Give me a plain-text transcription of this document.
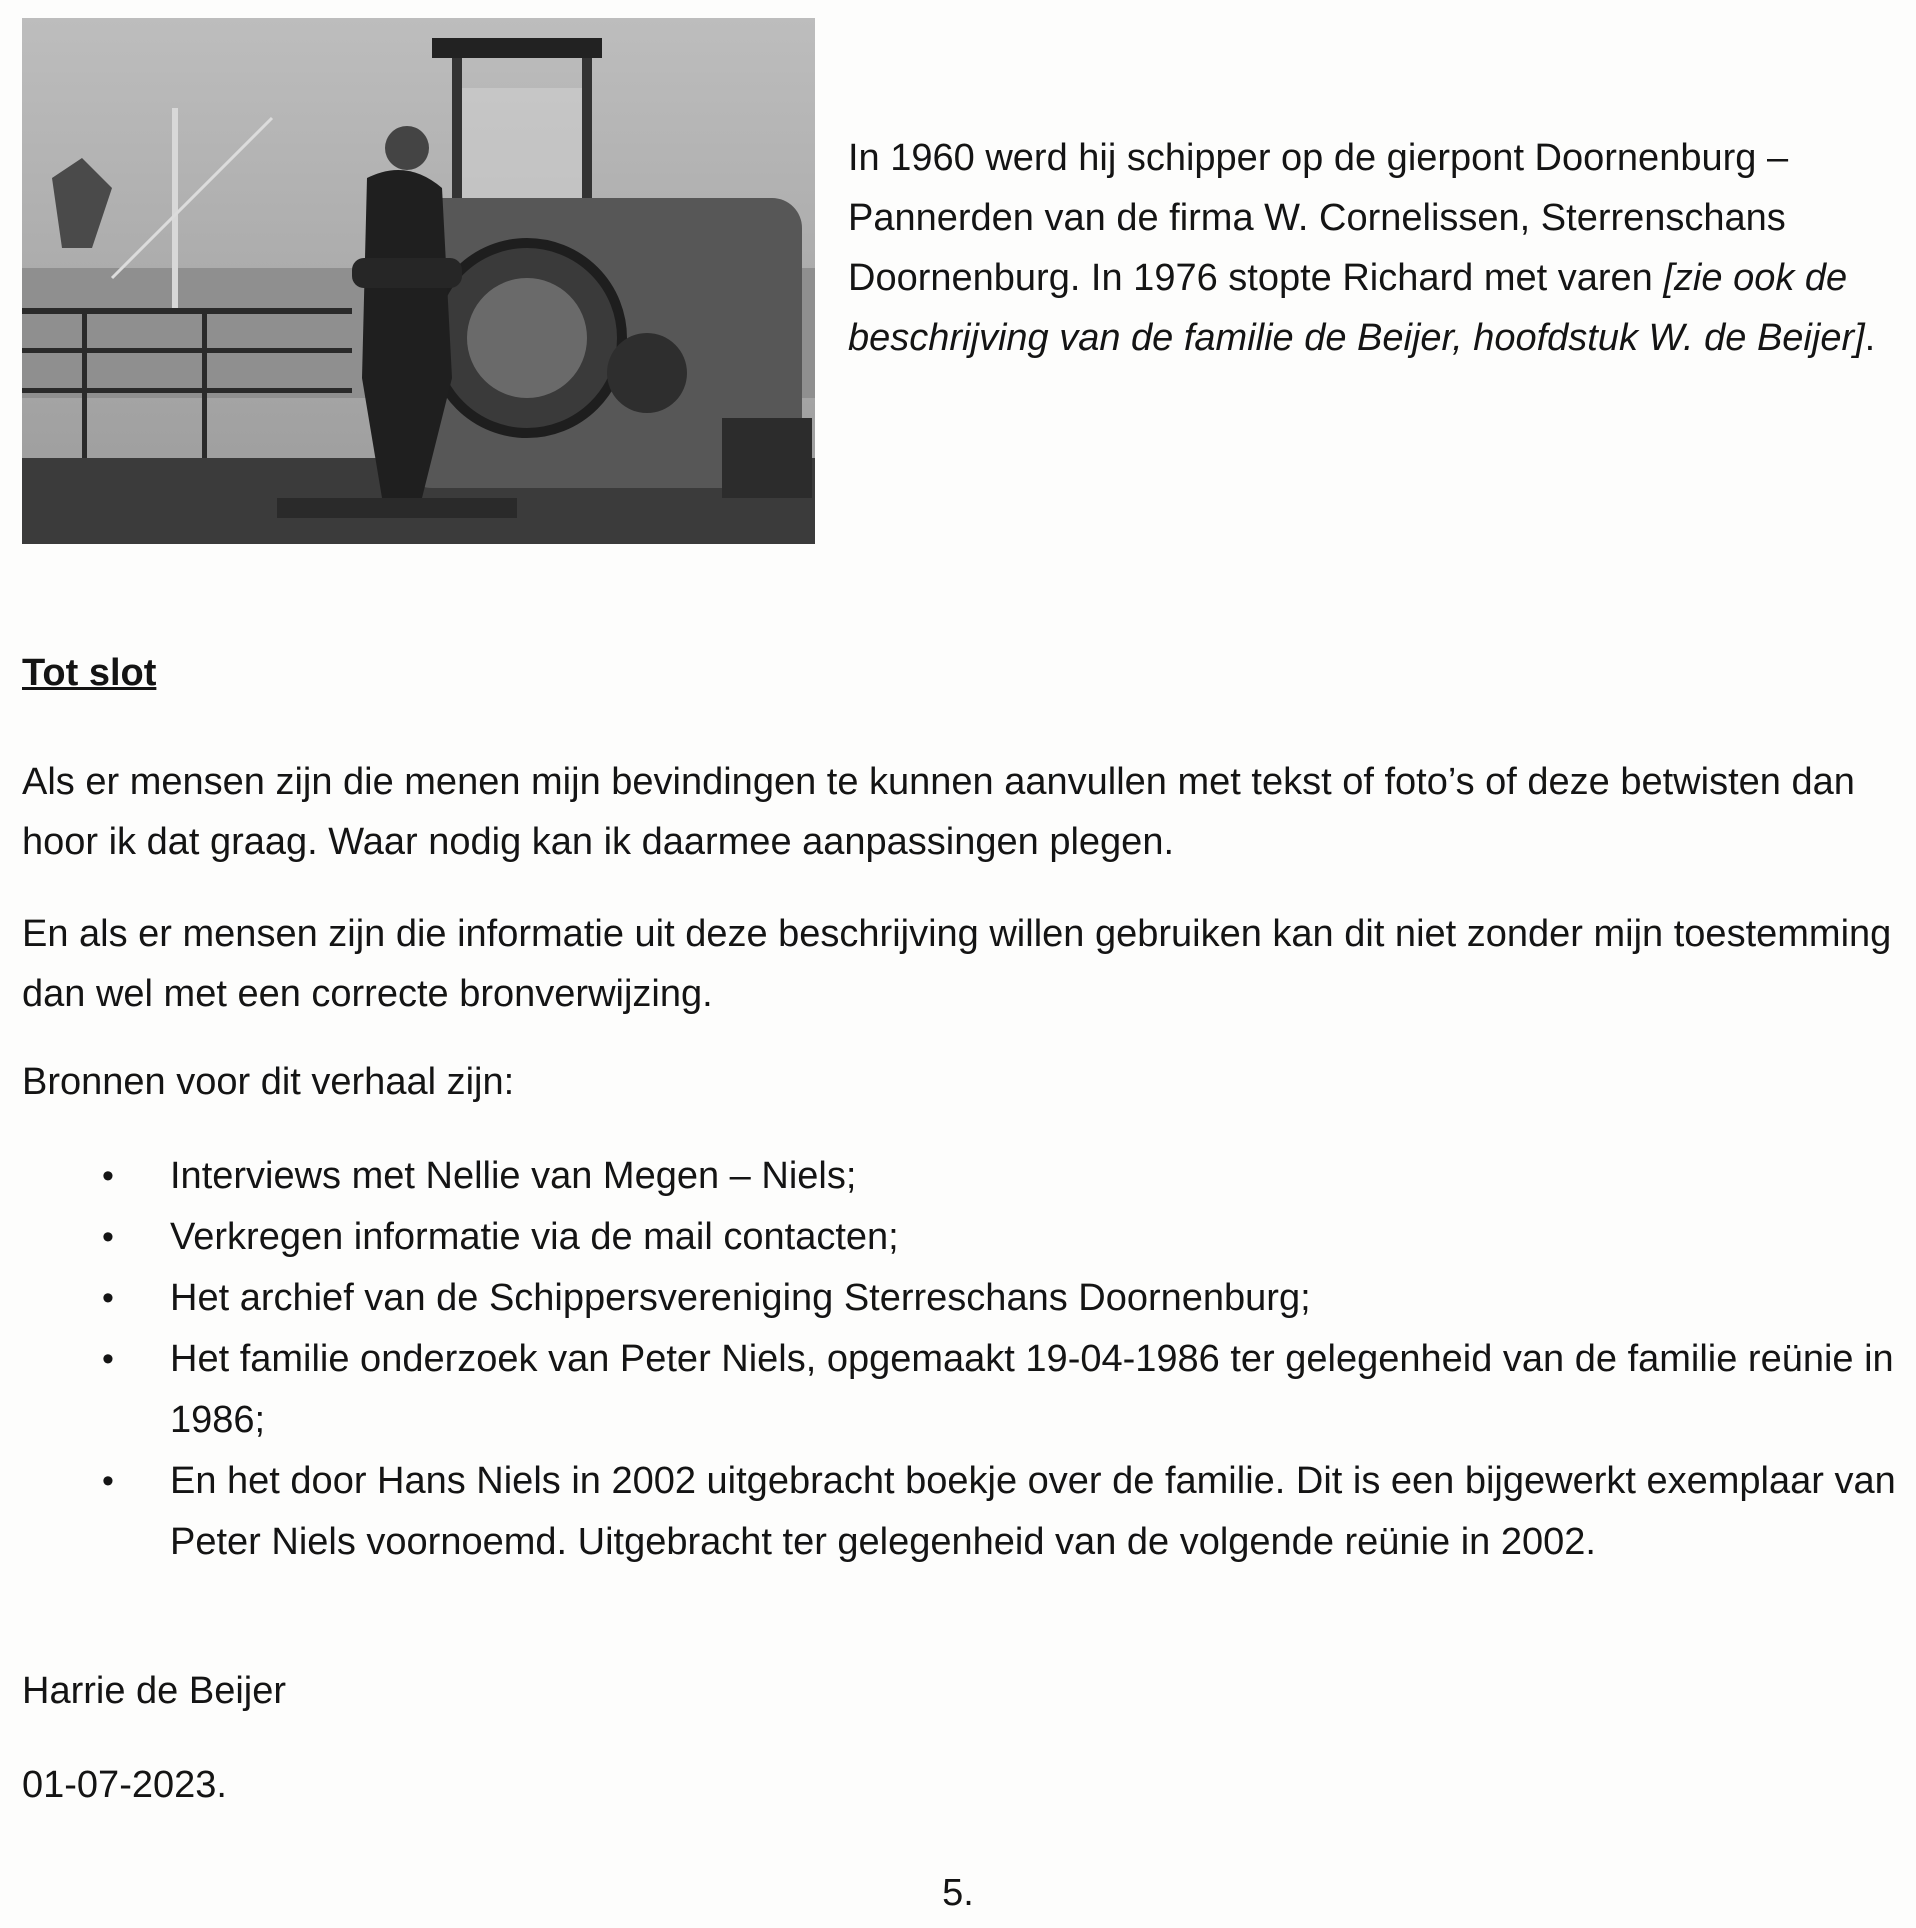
In 1960 werd hij schipper op de gierpont Doornenburg – Pannerden van de firma W. Cornelissen, Sterrenschans Doornenburg. In 1976 stopte Richard met varen [zie ook de beschrijving van de familie de Beijer, hoofdstuk W. de Beijer].

Tot slot

Als er mensen zijn die menen mijn bevindingen te kunnen aanvullen met tekst of foto’s of deze betwisten dan hoor ik dat graag. Waar nodig kan ik daarmee aanpassingen plegen.

En als er mensen zijn die informatie uit deze beschrijving willen gebruiken kan dit niet zonder mijn toestemming dan wel met een correcte bronverwijzing.

Bronnen voor dit verhaal zijn:

• Interviews met Nellie van Megen – Niels;
• Verkregen informatie via de mail contacten;
• Het archief van de Schippersvereniging Sterreschans Doornenburg;
• Het familie onderzoek van Peter Niels, opgemaakt 19-04-1986 ter gelegenheid van de familie reünie in 1986;
• En het door Hans Niels in 2002 uitgebracht boekje over de familie. Dit is een bijgewerkt exemplaar van Peter Niels voornoemd. Uitgebracht ter gelegenheid van de volgende reünie in 2002.

Harrie de Beijer

01-07-2023.

5.
